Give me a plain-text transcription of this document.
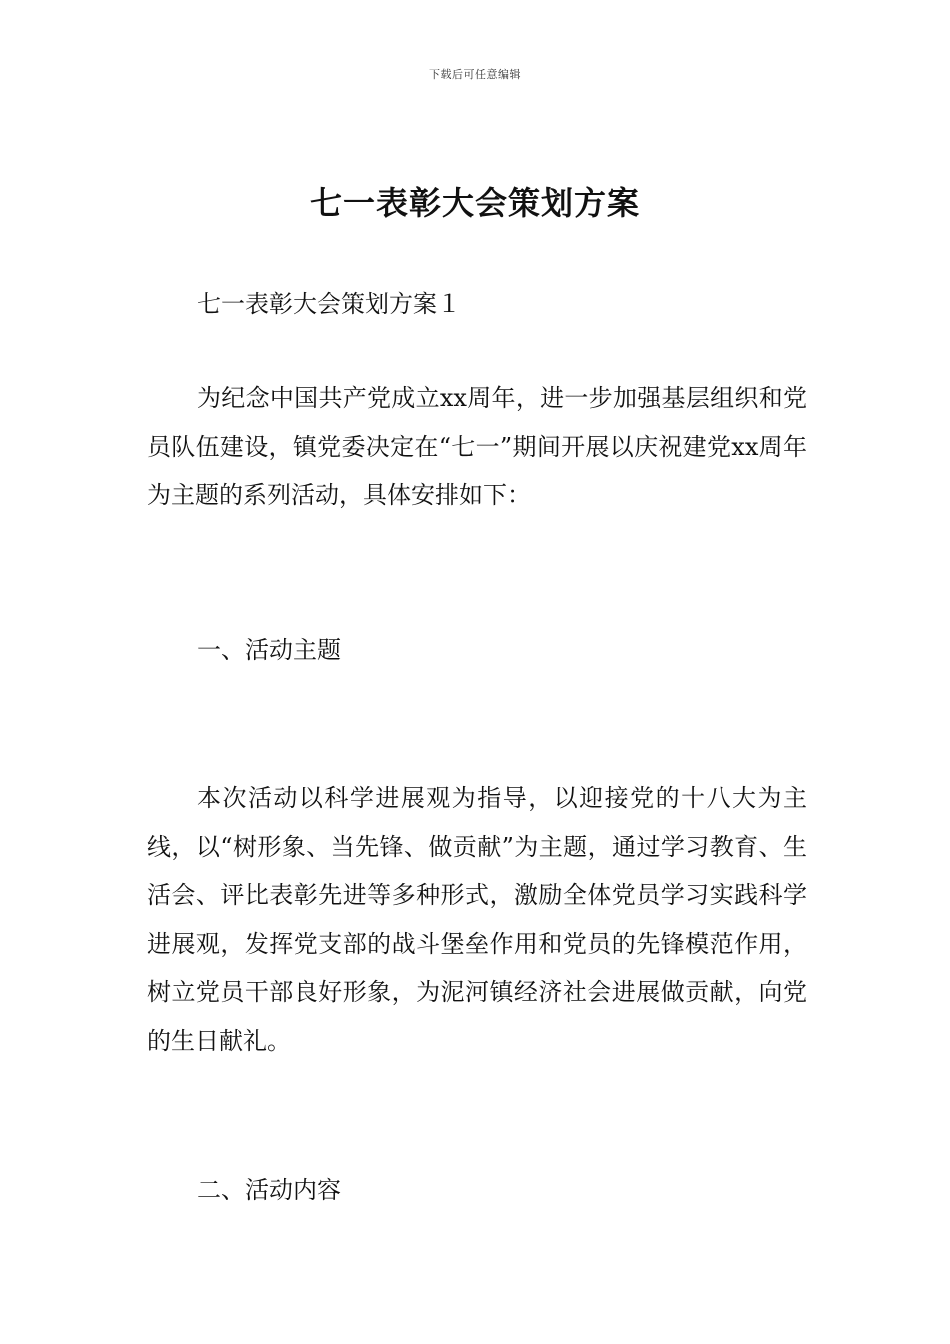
下载后可任意编辑
七一表彰大会策划方案

七一表彰大会策划方案１

为纪念中国共产党成立xx周年，进一步加强基层组织和党员队伍建设，镇党委决定在“七一”期间开展以庆祝建党xx周年为主题的系列活动，具体安排如下：

一、活动主题

本次活动以科学进展观为指导，以迎接党的十八大为主线，以“树形象、当先锋、做贡献”为主题，通过学习教育、生活会、评比表彰先进等多种形式，激励全体党员学习实践科学进展观，发挥党支部的战斗堡垒作用和党员的先锋模范作用，树立党员干部良好形象，为泥河镇经济社会进展做贡献，向党的生日献礼。

二、活动内容
